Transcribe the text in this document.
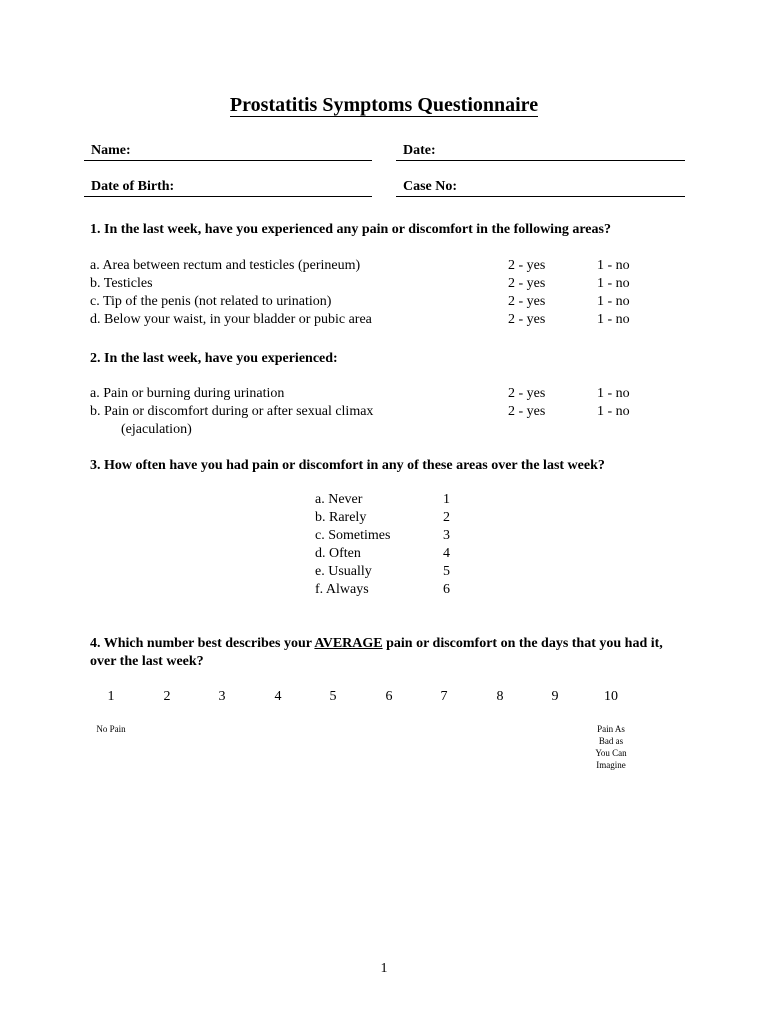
Prostatitis Symptoms Questionnaire
Name:	Date:
Date of Birth:	Case No:
1. In the last week, have you experienced any pain or discomfort in the following areas?
a. Area between rectum and testicles (perineum)	2 - yes	1 - no
b. Testicles	2 - yes	1 - no
c. Tip of the penis (not related to urination)	2 - yes	1 - no
d. Below your waist, in your bladder or pubic area	2 - yes	1 - no
2. In the last week, have you experienced:
a. Pain or burning during urination	2 - yes	1 - no
b. Pain or discomfort during or after sexual climax	2 - yes	1 - no
(ejaculation)
3. How often have you had pain or discomfort in any of these areas over the last week?
a. Never	1
b. Rarely	2
c. Sometimes	3
d. Often	4
e. Usually	5
f. Always	6
4. Which number best describes your AVERAGE pain or discomfort on the days that you had it, over the last week?
1	2	3	4	5	6	7	8	9	10
No Pain	Pain As
Bad as
You Can
Imagine
1
